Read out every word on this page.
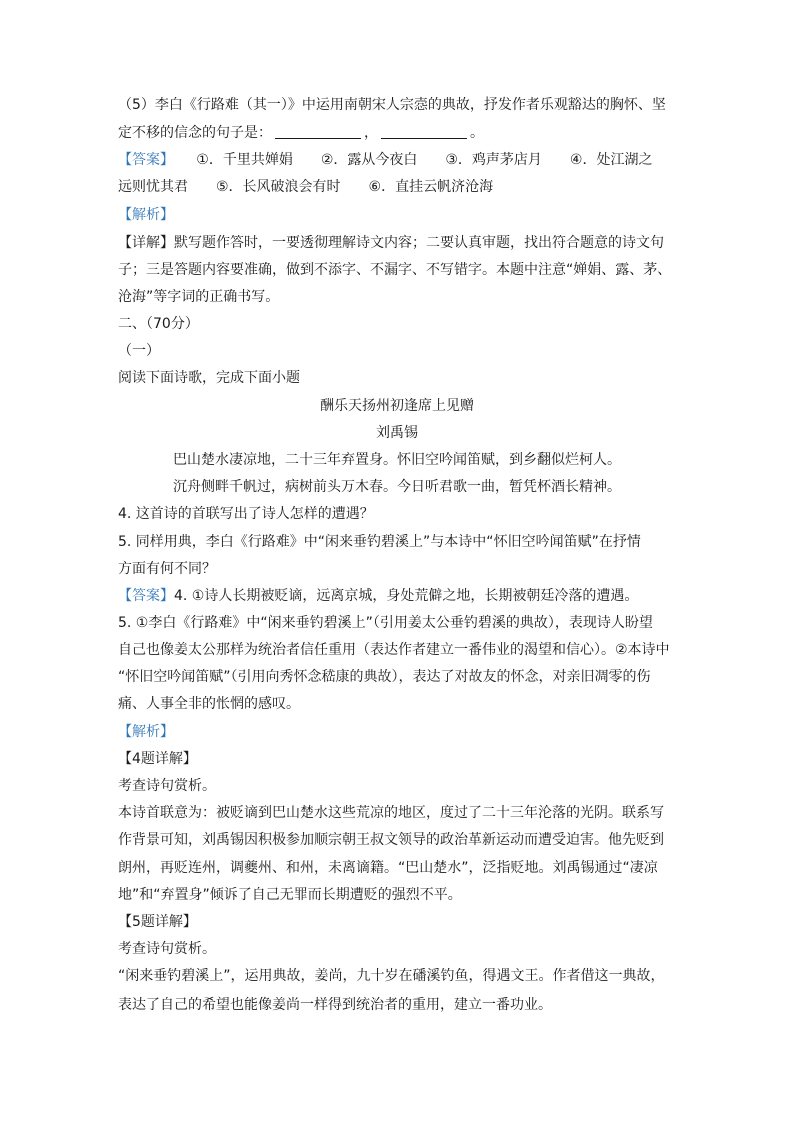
（5）李白《行路难（其一）》中运用南朝宋人宗悫的典故，抒发作者乐观豁达的胸怀、坚
定不移的信念的句子是：	，	。
【答案】 ①．千里共婵娟　　②．露从今夜白　　③．鸡声茅店月　　④．处江湖之
远则忧其君　　⑤．长风破浪会有时　　⑥．直挂云帆济沧海
【解析】
【详解】默写题作答时，一要透彻理解诗文内容；二要认真审题，找出符合题意的诗文句
子；三是答题内容要准确，做到不添字、不漏字、不写错字。本题中注意“婵娟、露、茅、
沧海”等字词的正确书写。
二、（70分）
（一）
阅读下面诗歌，完成下面小题
酬乐天扬州初逢席上见赠
刘禹锡
巴山楚水凄凉地，二十三年弃置身。怀旧空吟闻笛赋，到乡翻似烂柯人。
沉舟侧畔千帆过，病树前头万木春。今日听君歌一曲，暂凭杯酒长精神。
4. 这首诗的首联写出了诗人怎样的遭遇？
5. 同样用典，李白《行路难》中“闲来垂钓碧溪上”与本诗中“怀旧空吟闻笛赋”在抒情
方面有何不同？
【答案】4. ①诗人长期被贬谪，远离京城，身处荒僻之地，长期被朝廷冷落的遭遇。
5. ①李白《行路难》中“闲来垂钓碧溪上”（引用姜太公垂钓碧溪的典故），表现诗人盼望
自己也像姜太公那样为统治者信任重用（表达作者建立一番伟业的渴望和信心）。②本诗中
“怀旧空吟闻笛赋”（引用向秀怀念嵇康的典故），表达了对故友的怀念，对亲旧凋零的伤
痛、人事全非的怅惘的感叹。
【解析】
【4题详解】
考查诗句赏析。
本诗首联意为：被贬谪到巴山楚水这些荒凉的地区，度过了二十三年沦落的光阴。联系写
作背景可知，刘禹锡因积极参加顺宗朝王叔文领导的政治革新运动而遭受迫害。他先贬到
朗州，再贬连州，调夔州、和州，未离谪籍。“巴山楚水”，泛指贬地。刘禹锡通过“凄凉
地”和“弃置身”倾诉了自己无罪而长期遭贬的强烈不平。
【5题详解】
考查诗句赏析。
“闲来垂钓碧溪上”，运用典故，姜尚，九十岁在磻溪钓鱼，得遇文王。作者借这一典故，
表达了自己的希望也能像姜尚一样得到统治者的重用，建立一番功业。
